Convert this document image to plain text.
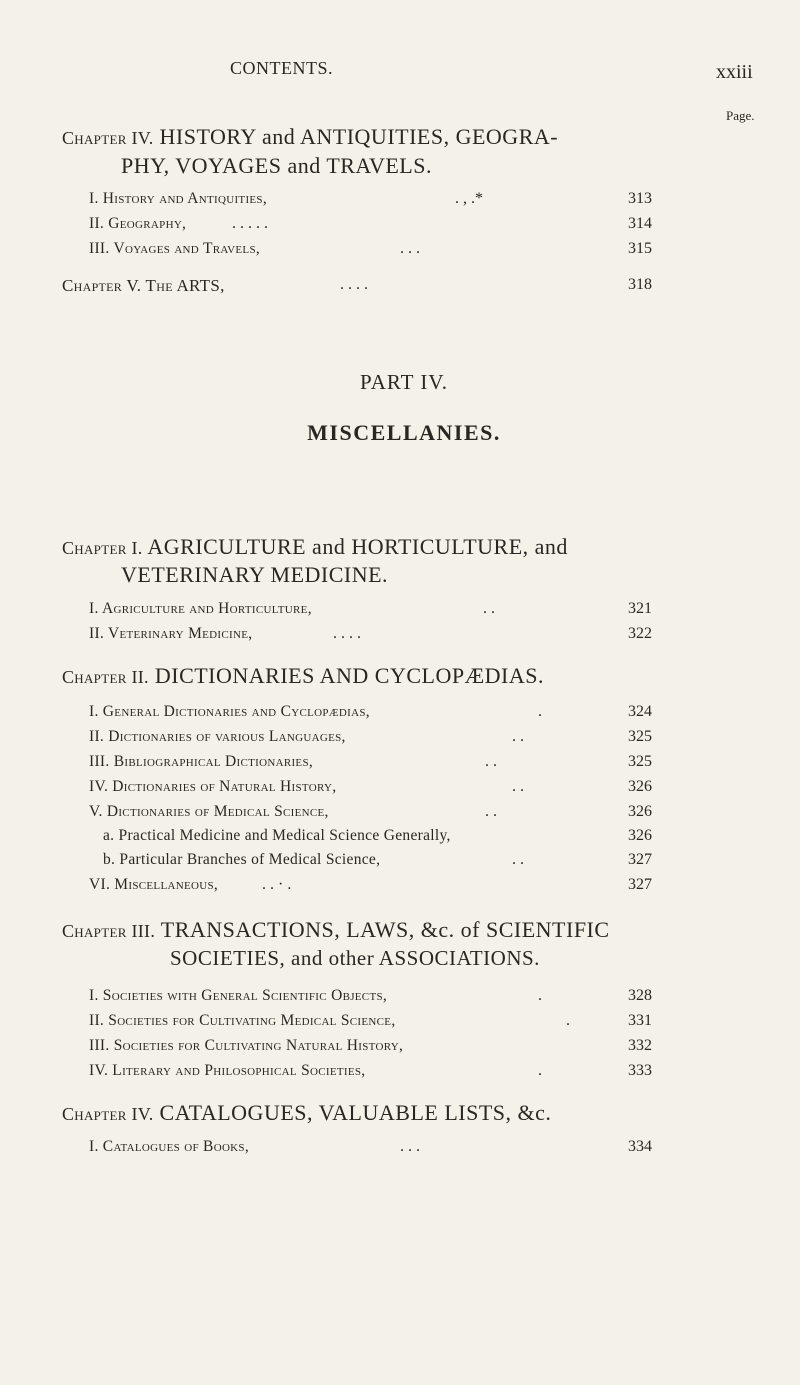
CONTENTS.	xxiii
Page.
Chapter IV. HISTORY and ANTIQUITIES, GEOGRA-
PHY, VOYAGES and TRAVELS.
I. History and Antiquities,	. , .*	313
II. Geography,	. . . . .	314
III. Voyages and Travels,	. . .	315
Chapter V. The ARTS,	. . . .	318
PART IV.
MISCELLANIES.
Chapter I. AGRICULTURE and HORTICULTURE, and
VETERINARY MEDICINE.
I. Agriculture and Horticulture,	. .	321
II. Veterinary Medicine,	. . . .	322
Chapter II. DICTIONARIES AND CYCLOPÆDIAS.
I. General Dictionaries and Cyclopædias,	.	324
II. Dictionaries of various Languages,	. .	325
III. Bibliographical Dictionaries,	. .	325
IV. Dictionaries of Natural History,	. .	326
V. Dictionaries of Medical Science,	. .	326
a. Practical Medicine and Medical Science Generally,	326
b. Particular Branches of Medical Science,	. .	327
VI. Miscellaneous,	. . · .	327
Chapter III. TRANSACTIONS, LAWS, &c. of SCIENTIFIC
SOCIETIES, and other ASSOCIATIONS.
I. Societies with General Scientific Objects,	.	328
II. Societies for Cultivating Medical Science,	.	331
III. Societies for Cultivating Natural History,	332
IV. Literary and Philosophical Societies,	.	333
Chapter IV. CATALOGUES, VALUABLE LISTS, &c.
I. Catalogues of Books,	. . .	334
